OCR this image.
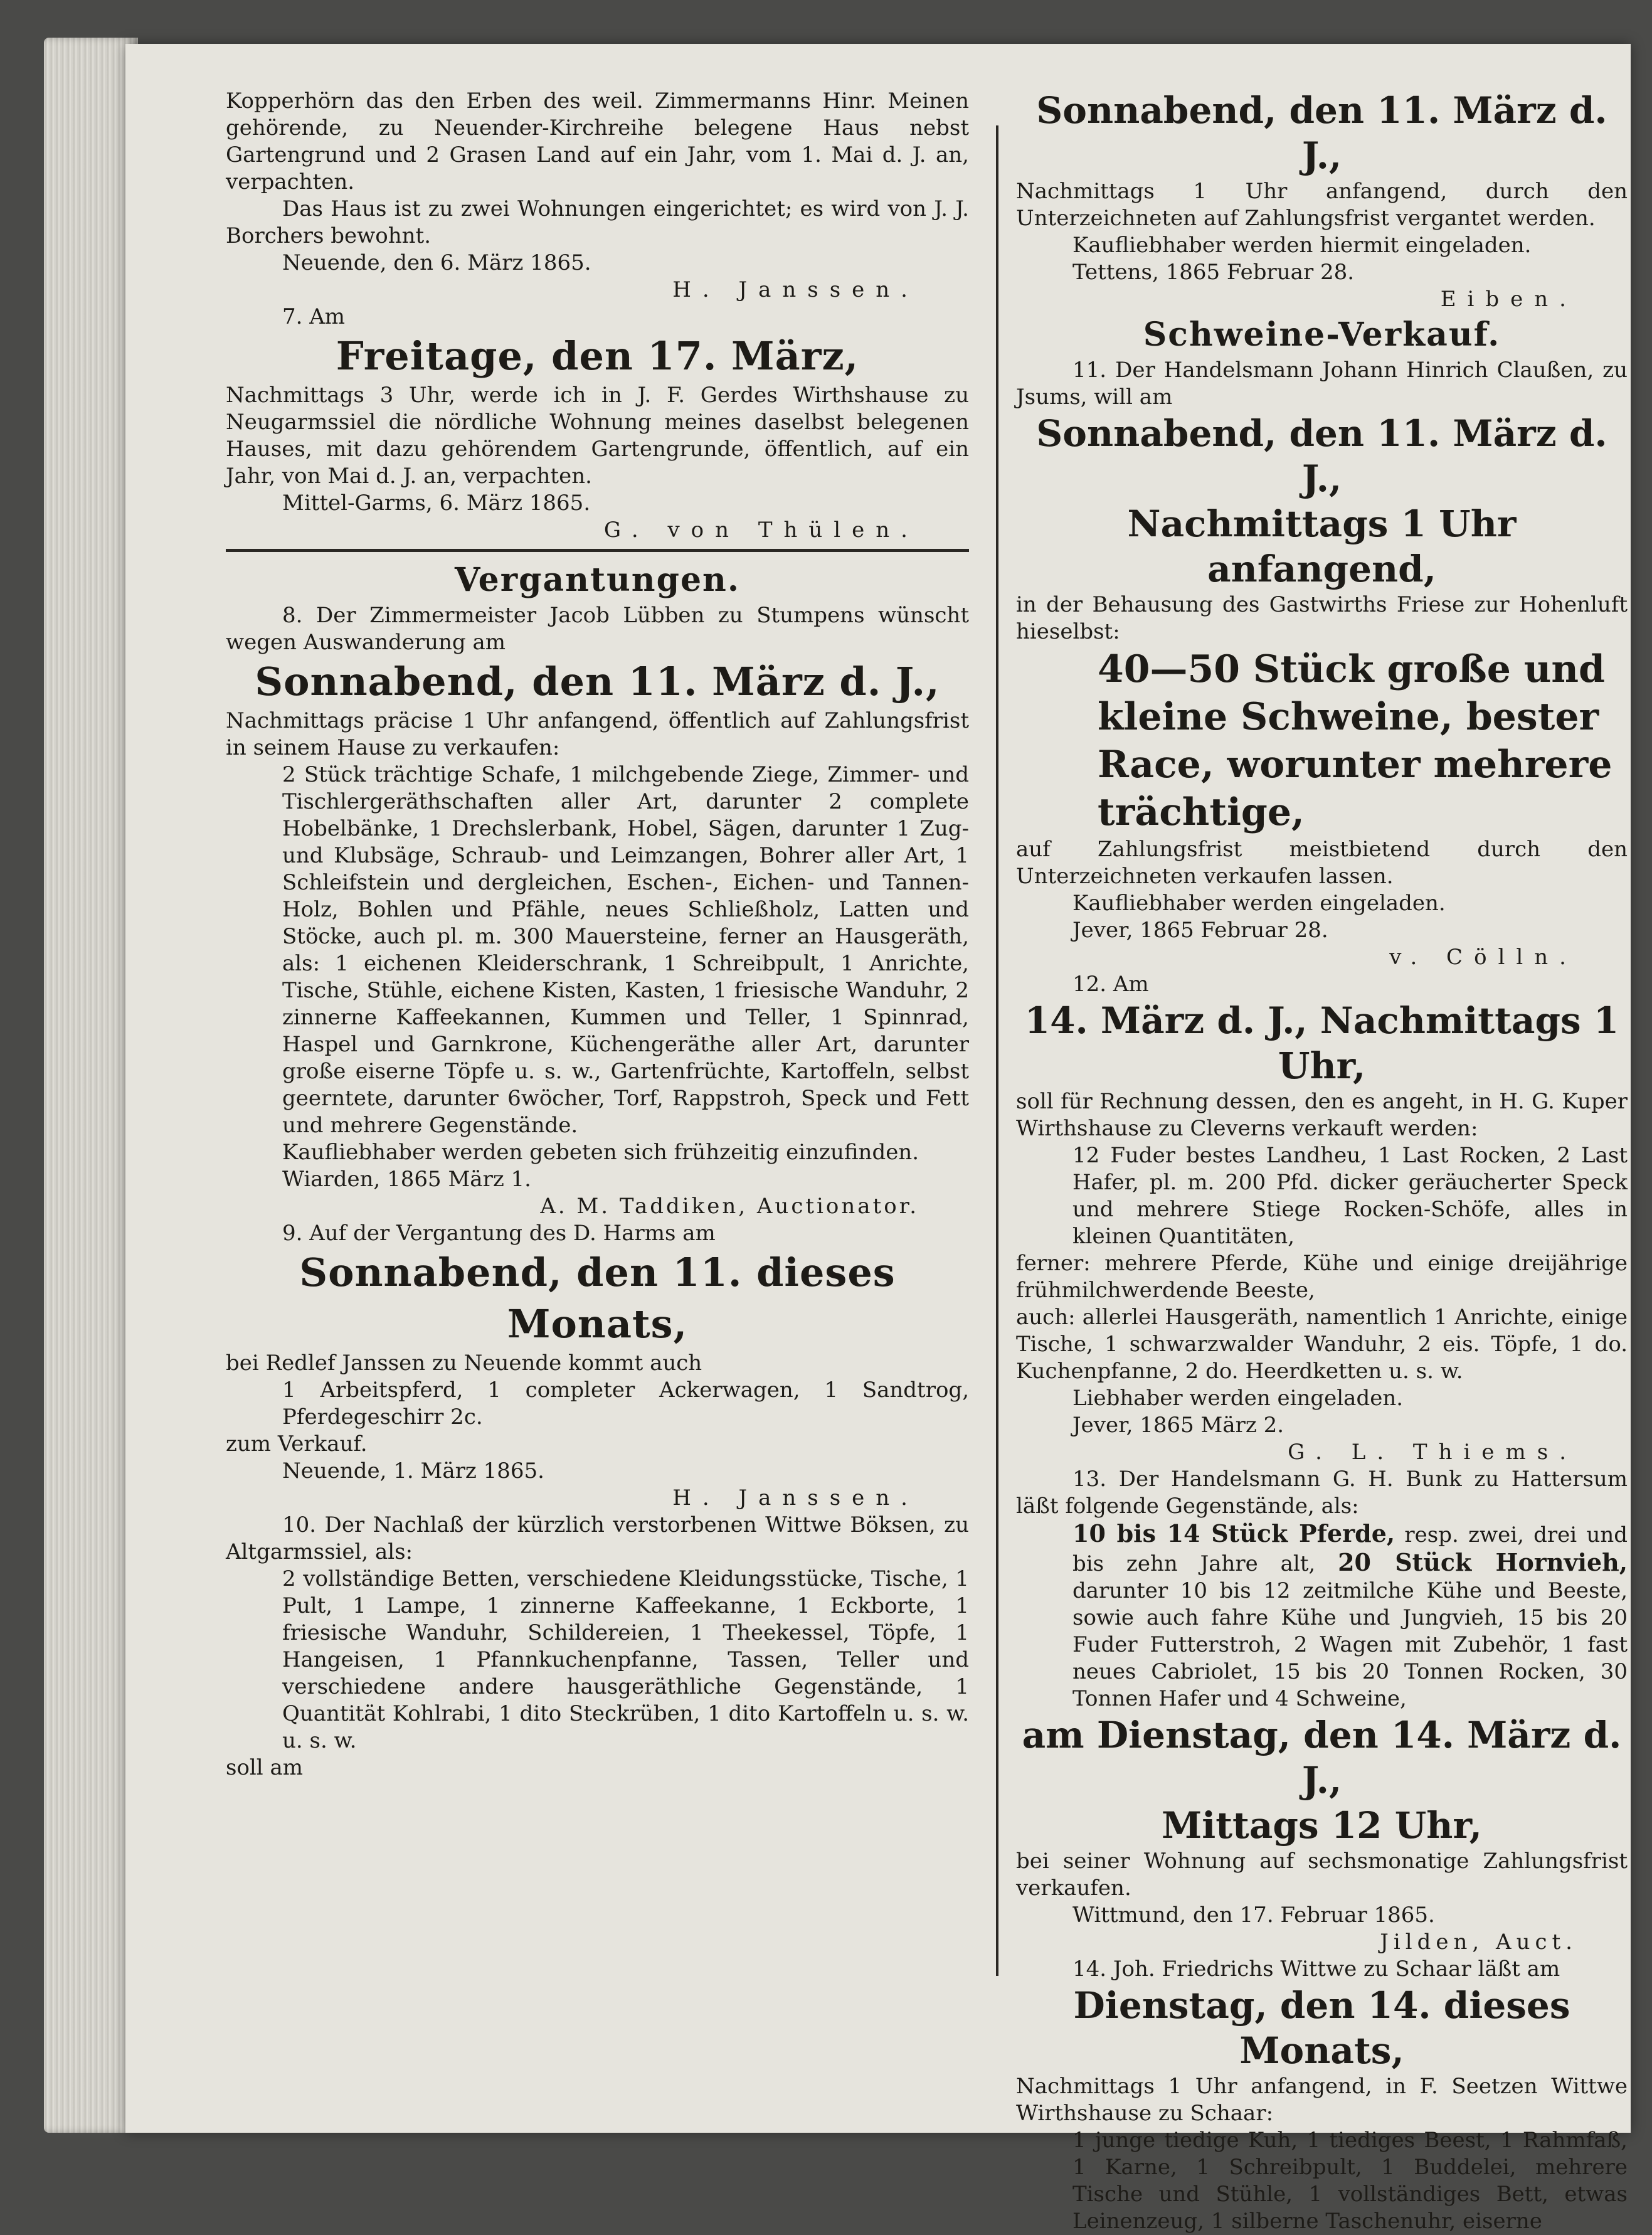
Kopperhörn das den Erben des weil. Zimmermanns Hinr. Meinen gehörende, zu Neuender-Kirchreihe belegene Haus nebst Gartengrund und 2 Grasen Land auf ein Jahr, vom 1. Mai d. J. an, verpachten.
Das Haus ist zu zwei Wohnungen eingerichtet; es wird von J. J. Borchers bewohnt.
Neuende, den 6. März 1865.
H. Janssen.
7. Am
Freitage, den 17. März,
Nachmittags 3 Uhr, werde ich in J. F. Gerdes Wirthshause zu Neugarmssiel die nördliche Wohnung meines daselbst belegenen Hauses, mit dazu gehörendem Gartengrunde, öffentlich, auf ein Jahr, von Mai d. J. an, verpachten.
Mittel-Garms, 6. März 1865.
G. von Thülen.
Vergantungen.
8. Der Zimmermeister Jacob Lübben zu Stumpens wünscht wegen Auswanderung am
Sonnabend, den 11. März d. J.,
Nachmittags präcise 1 Uhr anfangend, öffentlich auf Zahlungsfrist in seinem Hause zu verkaufen:
2 Stück trächtige Schafe, 1 milchgebende Ziege, Zimmer- und Tischlergeräthschaften aller Art, darunter 2 complete Hobelbänke, 1 Drechslerbank, Hobel, Sägen, darunter 1 Zug- und Klubsäge, Schraub- und Leimzangen, Bohrer aller Art, 1 Schleifstein und dergleichen, Eschen-, Eichen- und Tannen-Holz, Bohlen und Pfähle, neues Schließholz, Latten und Stöcke, auch pl. m. 300 Mauersteine, ferner an Hausgeräth, als: 1 eichenen Kleiderschrank, 1 Schreibpult, 1 Anrichte, Tische, Stühle, eichene Kisten, Kasten, 1 friesische Wanduhr, 2 zinnerne Kaffeekannen, Kummen und Teller, 1 Spinnrad, Haspel und Garnkrone, Küchengeräthe aller Art, darunter große eiserne Töpfe u. s. w., Gartenfrüchte, Kartoffeln, selbst geerntete, darunter 6wöcher, Torf, Rappstroh, Speck und Fett und mehrere Gegenstände.
Kaufliebhaber werden gebeten sich frühzeitig einzufinden.
Wiarden, 1865 März 1.
A. M. Taddiken, Auctionator.
9. Auf der Vergantung des D. Harms am
Sonnabend, den 11. dieses Monats,
bei Redlef Janssen zu Neuende kommt auch
1 Arbeitspferd, 1 completer Ackerwagen, 1 Sandtrog, Pferdegeschirr 2c.
zum Verkauf.
Neuende, 1. März 1865.
H. Janssen.
10. Der Nachlaß der kürzlich verstorbenen Wittwe Böksen, zu Altgarmssiel, als:
2 vollständige Betten, verschiedene Kleidungsstücke, Tische, 1 Pult, 1 Lampe, 1 zinnerne Kaffeekanne, 1 Eckborte, 1 friesische Wanduhr, Schildereien, 1 Theekessel, Töpfe, 1 Hangeisen, 1 Pfannkuchenpfanne, Tassen, Teller und verschiedene andere hausgeräthliche Gegenstände, 1 Quantität Kohlrabi, 1 dito Steckrüben, 1 dito Kartoffeln u. s. w. u. s. w.
soll am
Sonnabend, den 11. März d. J.,
Nachmittags 1 Uhr anfangend, durch den Unterzeichneten auf Zahlungsfrist vergantet werden.
Kaufliebhaber werden hiermit eingeladen.
Tettens, 1865 Februar 28.
Eiben.
Schweine-Verkauf.
11. Der Handelsmann Johann Hinrich Claußen, zu Jsums, will am
Sonnabend, den 11. März d. J.,
Nachmittags 1 Uhr anfangend,
in der Behausung des Gastwirths Friese zur Hohenluft hieselbst:
40—50 Stück große und kleine Schweine, bester Race, worunter mehrere trächtige,
auf Zahlungsfrist meistbietend durch den Unterzeichneten verkaufen lassen.
Kaufliebhaber werden eingeladen.
Jever, 1865 Februar 28.
v. Cölln.
12. Am
14. März d. J., Nachmittags 1 Uhr,
soll für Rechnung dessen, den es angeht, in H. G. Kuper Wirthshause zu Cleverns verkauft werden:
12 Fuder bestes Landheu, 1 Last Rocken, 2 Last Hafer, pl. m. 200 Pfd. dicker geräucherter Speck und mehrere Stiege Rocken-Schöfe, alles in kleinen Quantitäten,
ferner: mehrere Pferde, Kühe und einige dreijährige frühmilchwerdende Beeste,
auch: allerlei Hausgeräth, namentlich 1 Anrichte, einige Tische, 1 schwarzwalder Wanduhr, 2 eis. Töpfe, 1 do. Kuchenpfanne, 2 do. Heerdketten u. s. w.
Liebhaber werden eingeladen.
Jever, 1865 März 2.
G. L. Thiems.
13. Der Handelsmann G. H. Bunk zu Hattersum läßt folgende Gegenstände, als:
10 bis 14 Stück Pferde, resp. zwei, drei und bis zehn Jahre alt, 20 Stück Hornvieh, darunter 10 bis 12 zeitmilche Kühe und Beeste, sowie auch fahre Kühe und Jungvieh, 15 bis 20 Fuder Futterstroh, 2 Wagen mit Zubehör, 1 fast neues Cabriolet, 15 bis 20 Tonnen Rocken, 30 Tonnen Hafer und 4 Schweine,
am Dienstag, den 14. März d. J.,
Mittags 12 Uhr,
bei seiner Wohnung auf sechsmonatige Zahlungsfrist verkaufen.
Wittmund, den 17. Februar 1865.
Jilden, Auct.
14. Joh. Friedrichs Wittwe zu Schaar läßt am
Dienstag, den 14. dieses Monats,
Nachmittags 1 Uhr anfangend, in F. Seetzen Wittwe Wirthshause zu Schaar:
1 junge tiedige Kuh, 1 tiediges Beest, 1 Rahmfaß, 1 Karne, 1 Schreibpult, 1 Buddelei, mehrere Tische und Stühle, 1 vollständiges Bett, etwas Leinenzeug, 1 silberne Taschenuhr, eiserne
